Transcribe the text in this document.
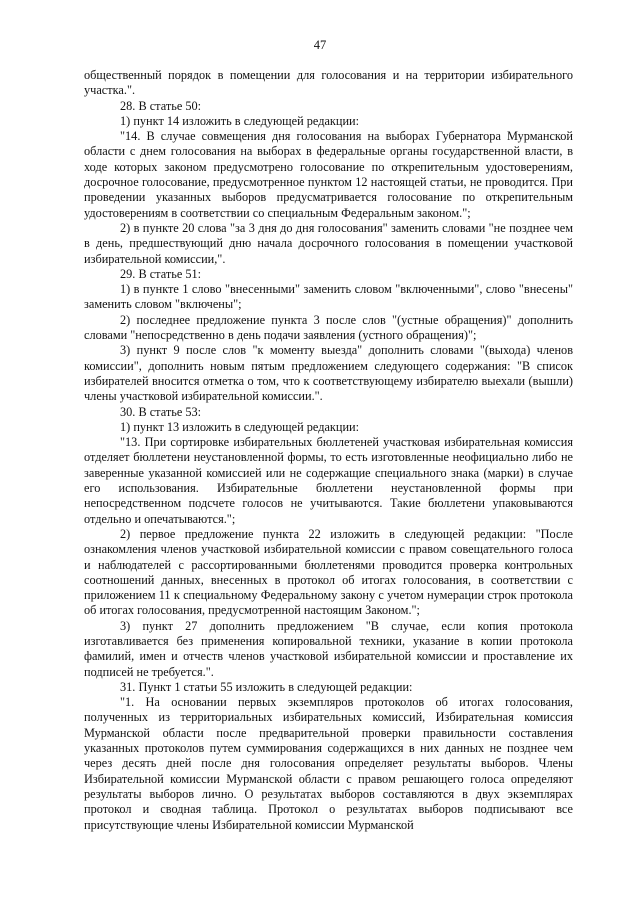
47

общественный порядок в помещении для голосования и на территории избирательного участка.".

28. В статье 50:

1) пункт 14 изложить в следующей редакции:

"14. В случае совмещения дня голосования на выборах Губернатора Мурманской области с днем голосования на выборах в федеральные органы государственной власти, в ходе которых законом предусмотрено голосование по открепительным удостоверениям, досрочное голосование, предусмотренное пунктом 12 настоящей статьи, не проводится. При проведении указанных выборов предусматривается голосование по открепительным удостоверениям в соответствии со специальным Федеральным законом.";

2) в пункте 20 слова "за 3 дня до дня голосования" заменить словами "не позднее чем в день, предшествующий дню начала досрочного голосования в помещении участковой избирательной комиссии,".

29. В статье 51:

1) в пункте 1 слово "внесенными" заменить словом "включенными", слово "внесены" заменить словом "включены";

2) последнее предложение пункта 3 после слов "(устные обращения)" дополнить словами "непосредственно в день подачи заявления (устного обращения)";

3) пункт 9 после слов "к моменту выезда" дополнить словами "(выхода) членов комиссии", дополнить новым пятым предложением следующего содержания: "В список избирателей вносится отметка о том, что к соответствующему избирателю выехали (вышли) члены участковой избирательной комиссии.".

30. В статье 53:

1) пункт 13 изложить в следующей редакции:

"13. При сортировке избирательных бюллетеней участковая избирательная комиссия отделяет бюллетени неустановленной формы, то есть изготовленные неофициально либо не заверенные указанной комиссией или не содержащие специального знака (марки) в случае его использования. Избирательные бюллетени неустановленной формы при непосредственном подсчете голосов не учитываются. Такие бюллетени упаковываются отдельно и опечатываются.";

2) первое предложение пункта 22 изложить в следующей редакции: "После ознакомления членов участковой избирательной комиссии с правом совещательного голоса и наблюдателей с рассортированными бюллетенями проводится проверка контрольных соотношений данных, внесенных в протокол об итогах голосования, в соответствии с приложением 11 к специальному Федеральному закону с учетом нумерации строк протокола об итогах голосования, предусмотренной настоящим Законом.";

3) пункт 27 дополнить предложением "В случае, если копия протокола изготавливается без применения копировальной техники, указание в копии протокола фамилий, имен и отчеств членов участковой избирательной комиссии и проставление их подписей не требуется.".

31. Пункт 1 статьи 55 изложить в следующей редакции:

"1. На основании первых экземпляров протоколов об итогах голосования, полученных из территориальных избирательных комиссий, Избирательная комиссия Мурманской области после предварительной проверки правильности составления указанных протоколов путем суммирования содержащихся в них данных не позднее чем через десять дней после дня голосования определяет результаты выборов. Члены Избирательной комиссии Мурманской области с правом решающего голоса определяют результаты выборов лично. О результатах выборов составляются в двух экземплярах протокол и сводная таблица. Протокол о результатах выборов подписывают все присутствующие члены Избирательной комиссии Мурманской
